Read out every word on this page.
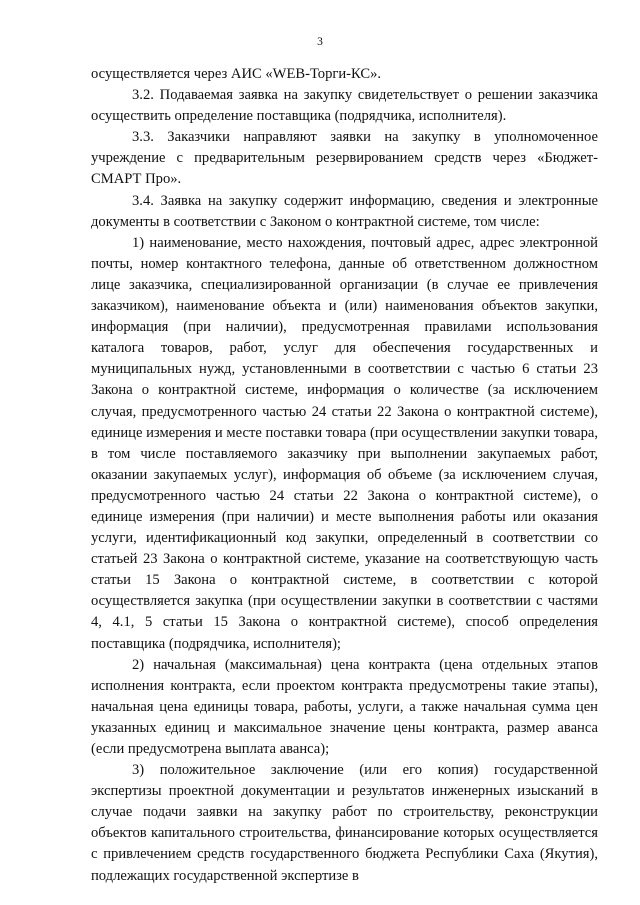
3

осуществляется через АИС «WEB-Торги-КС».

3.2. Подаваемая заявка на закупку свидетельствует о решении заказчика осуществить определение поставщика (подрядчика, исполнителя).

3.3. Заказчики направляют заявки на закупку в уполномоченное учреждение с предварительным резервированием средств через «Бюджет-СМАРТ Про».

3.4. Заявка на закупку содержит информацию, сведения и электронные документы в соответствии с Законом о контрактной системе, том числе:

1) наименование, место нахождения, почтовый адрес, адрес электронной почты, номер контактного телефона, данные об ответственном должностном лице заказчика, специализированной организации (в случае ее привлечения заказчиком), наименование объекта и (или) наименования объектов закупки, информация (при наличии), предусмотренная правилами использования каталога товаров, работ, услуг для обеспечения государственных и муниципальных нужд, установленными в соответствии с частью 6 статьи 23 Закона о контрактной системе, информация о количестве (за исключением случая, предусмотренного частью 24 статьи 22 Закона о контрактной системе), единице измерения и месте поставки товара (при осуществлении закупки товара, в том числе поставляемого заказчику при выполнении закупаемых работ, оказании закупаемых услуг), информация об объеме (за исключением случая, предусмотренного частью 24 статьи 22 Закона о контрактной системе), о единице измерения (при наличии) и месте выполнения работы или оказания услуги, идентификационный код закупки, определенный в соответствии со статьей 23 Закона о контрактной системе, указание на соответствующую часть статьи 15 Закона о контрактной системе, в соответствии с которой осуществляется закупка (при осуществлении закупки в соответствии с частями 4, 4.1, 5 статьи 15 Закона о контрактной системе), способ определения поставщика (подрядчика, исполнителя);

2) начальная (максимальная) цена контракта (цена отдельных этапов исполнения контракта, если проектом контракта предусмотрены такие этапы), начальная цена единицы товара, работы, услуги, а также начальная сумма цен указанных единиц и максимальное значение цены контракта, размер аванса (если предусмотрена выплата аванса);

3) положительное заключение (или его копия) государственной экспертизы проектной документации и результатов инженерных изысканий в случае подачи заявки на закупку работ по строительству, реконструкции объектов капитального строительства, финансирование которых осуществляется с привлечением средств государственного бюджета Республики Саха (Якутия), подлежащих государственной экспертизе в
